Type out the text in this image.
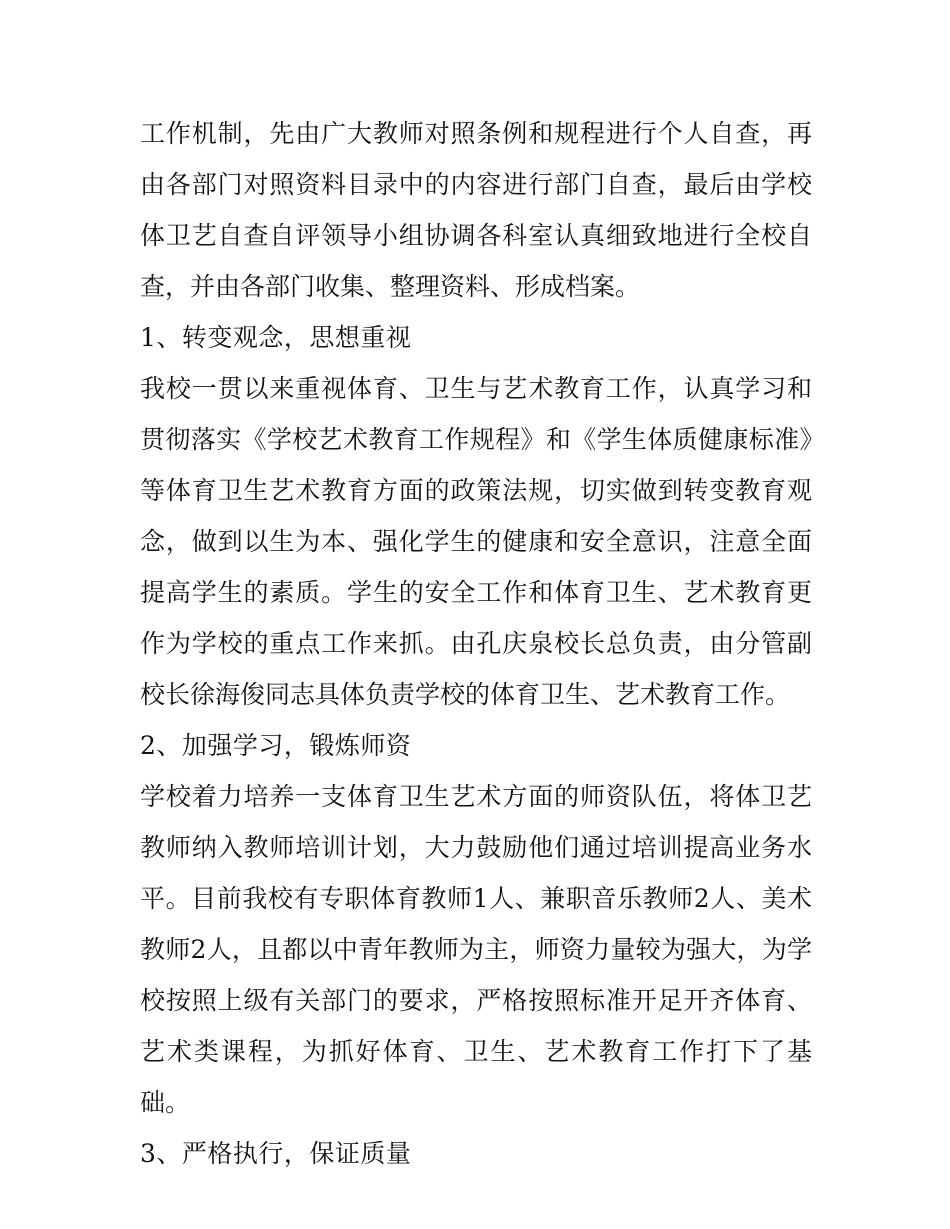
工作机制，先由广大教师对照条例和规程进行个人自查，再由各部门对照资料目录中的内容进行部门自查，最后由学校体卫艺自查自评领导小组协调各科室认真细致地进行全校自查，并由各部门收集、整理资料、形成档案。

1、转变观念，思想重视

我校一贯以来重视体育、卫生与艺术教育工作，认真学习和贯彻落实《学校艺术教育工作规程》和《学生体质健康标准》等体育卫生艺术教育方面的政策法规，切实做到转变教育观念，做到以生为本、强化学生的健康和安全意识，注意全面提高学生的素质。学生的安全工作和体育卫生、艺术教育更作为学校的重点工作来抓。由孔庆泉校长总负责，由分管副校长徐海俊同志具体负责学校的体育卫生、艺术教育工作。

2、加强学习，锻炼师资

学校着力培养一支体育卫生艺术方面的师资队伍，将体卫艺教师纳入教师培训计划，大力鼓励他们通过培训提高业务水平。目前我校有专职体育教师1人、兼职音乐教师2人、美术教师2人，且都以中青年教师为主，师资力量较为强大，为学校按照上级有关部门的要求，严格按照标准开足开齐体育、艺术类课程，为抓好体育、卫生、艺术教育工作打下了基础。

3、严格执行，保证质量
